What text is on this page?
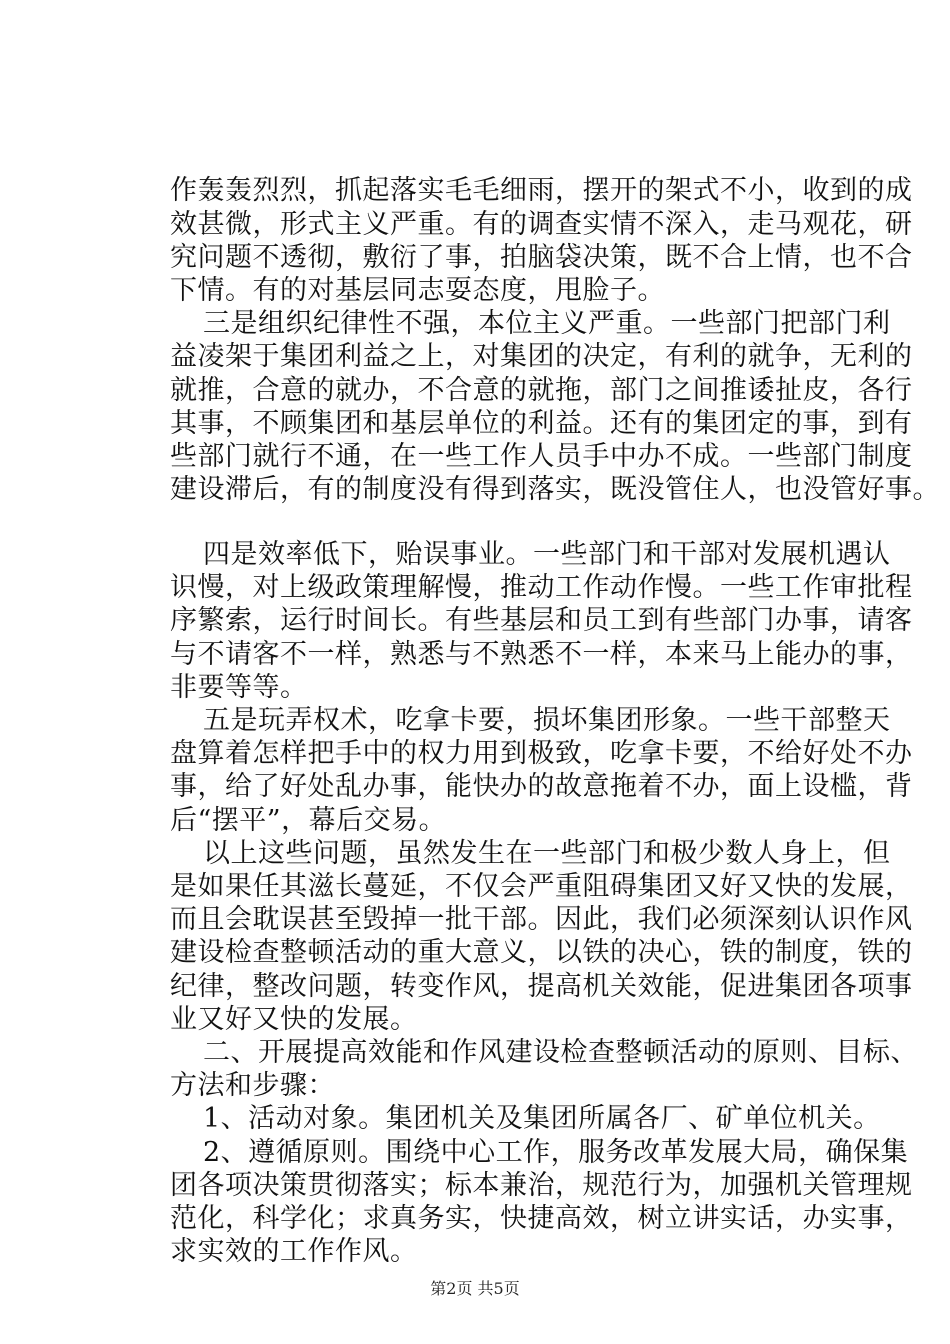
作轰轰烈烈，抓起落实毛毛细雨，摆开的架式不小，收到的成
效甚微，形式主义严重。有的调查实情不深入，走马观花，研
究问题不透彻，敷衍了事，拍脑袋决策，既不合上情，也不合
下情。有的对基层同志耍态度，甩脸子。
三是组织纪律性不强，本位主义严重。一些部门把部门利
益凌架于集团利益之上，对集团的决定，有利的就争，无利的
就推，合意的就办，不合意的就拖，部门之间推诿扯皮，各行
其事，不顾集团和基层单位的利益。还有的集团定的事，到有
些部门就行不通，在一些工作人员手中办不成。一些部门制度
建设滞后，有的制度没有得到落实，既没管住人，也没管好事。
四是效率低下，贻误事业。一些部门和干部对发展机遇认
识慢，对上级政策理解慢，推动工作动作慢。一些工作审批程
序繁索，运行时间长。有些基层和员工到有些部门办事，请客
与不请客不一样，熟悉与不熟悉不一样，本来马上能办的事，
非要等等。
五是玩弄权术，吃拿卡要，损坏集团形象。一些干部整天
盘算着怎样把手中的权力用到极致，吃拿卡要，不给好处不办
事，给了好处乱办事，能快办的故意拖着不办，面上设槛，背
后“摆平”，幕后交易。
以上这些问题，虽然发生在一些部门和极少数人身上，但
是如果任其滋长蔓延，不仅会严重阻碍集团又好又快的发展，
而且会耽误甚至毁掉一批干部。因此，我们必须深刻认识作风
建设检查整顿活动的重大意义，以铁的决心，铁的制度，铁的
纪律，整改问题，转变作风，提高机关效能，促进集团各项事
业又好又快的发展。
二、开展提高效能和作风建设检查整顿活动的原则、目标、
方法和步骤：
1、活动对象。集团机关及集团所属各厂、矿单位机关。
2、遵循原则。围绕中心工作，服务改革发展大局，确保集
团各项决策贯彻落实；标本兼治，规范行为，加强机关管理规
范化，科学化；求真务实，快捷高效，树立讲实话，办实事，
求实效的工作作风。
第2页 共5页
